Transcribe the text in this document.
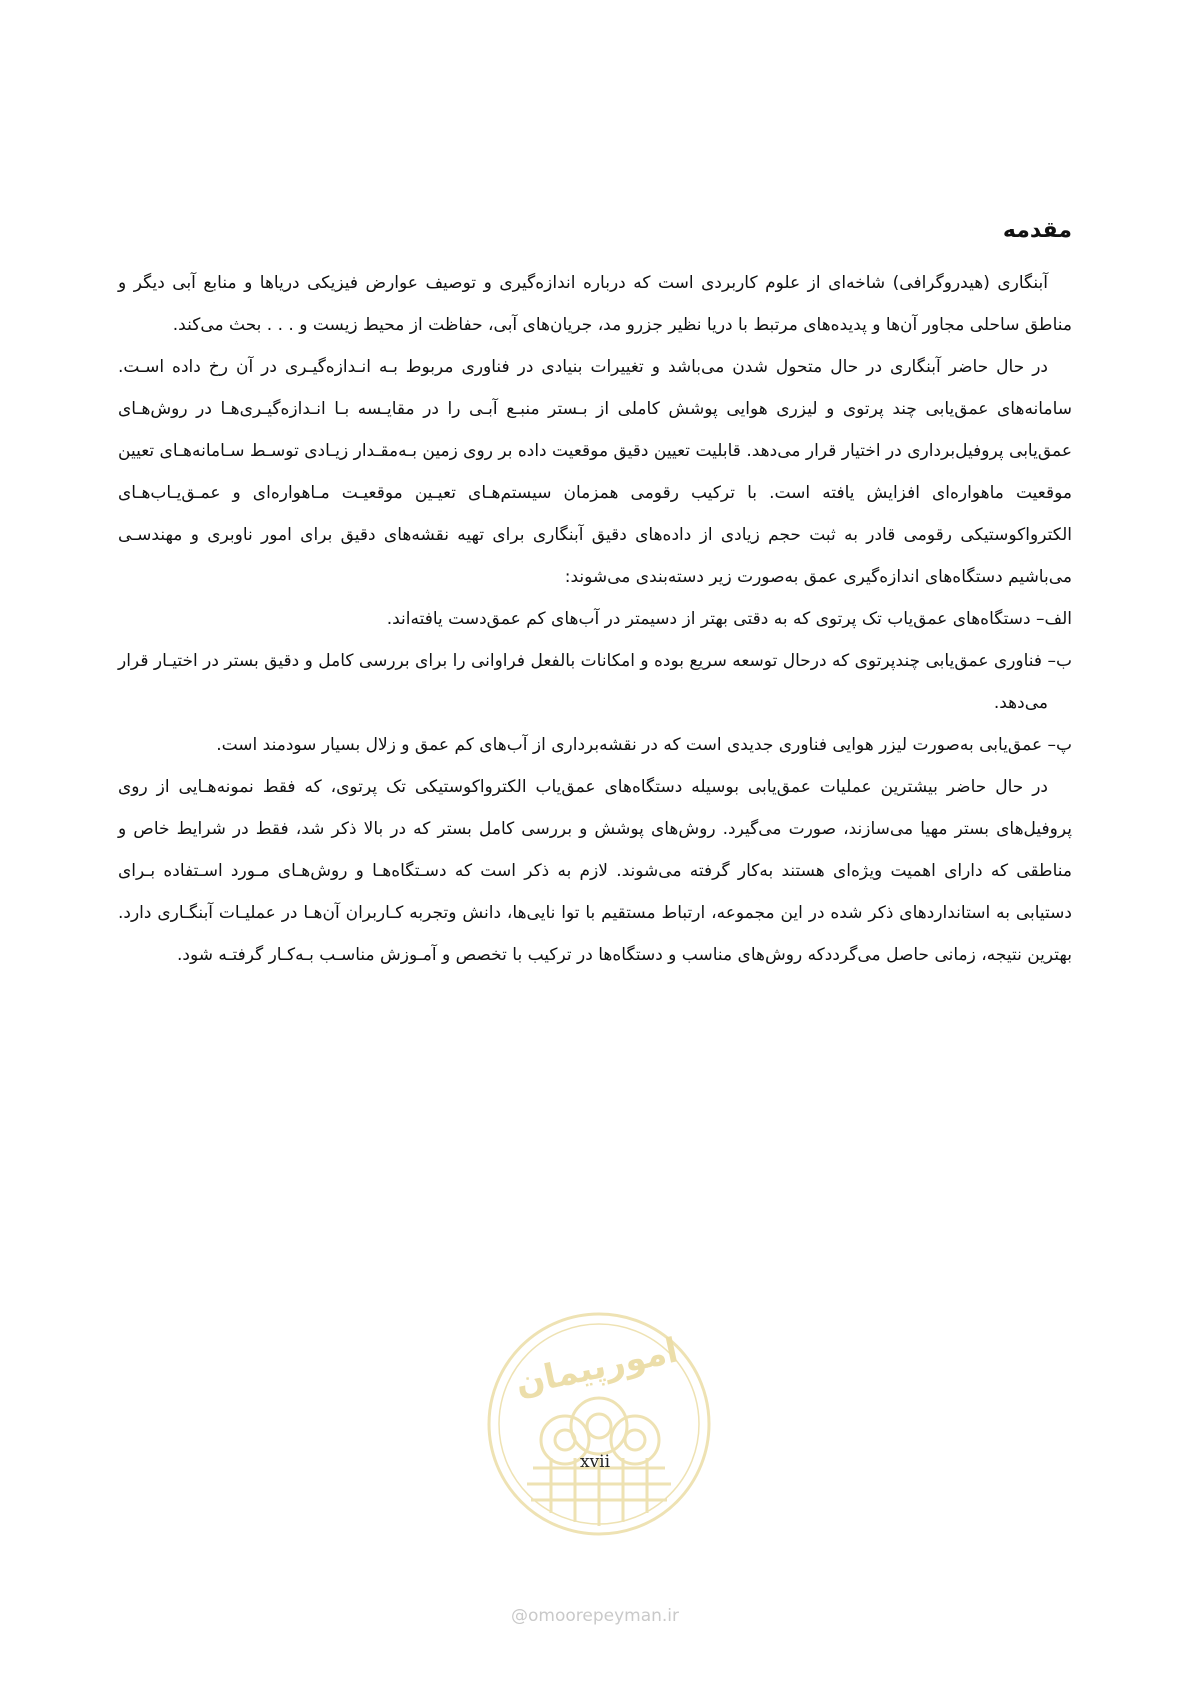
مقدمه

آبنگاری (هیدروگرافی) شاخه‌ای از علوم کاربردی است که درباره اندازه‌گیری و توصیف عوارض فیزیکی دریاها و منابع آبی دیگر و مناطق ساحلی مجاور آن‌ها و پدیده‌های مرتبط با دریا نظیر جزرو مد، جریان‌های آبی، حفاظت از محیط زیست و . . . بحث می‌کند.

در حال حاضر آبنگاری در حال متحول شدن می‌باشد و تغییرات بنیادی در فناوری مربوط بـه انـدازه‌گیـری در آن رخ داده اسـت. سامانه‌های عمق‌یابی چند پرتوی و لیزری هوایی پوشش کاملی از بـستر منبـع آبـی را در مقایـسه بـا انـدازه‌گیـری‌هـا در روش‌هـای عمق‌یابی پروفیل‌برداری در اختیار قرار می‌دهد. قابلیت تعیین دقیق موقعیت داده بر روی زمین بـه‌مقـدار زیـادی توسـط سـامانه‌هـای تعیین موقعیت ماهواره‌ای افزایش یافته است. با ترکیب رقومی همزمان سیستم‌هـای تعیـین موقعیـت مـاهواره‌ای و عمـق‌یـاب‌هـای الکترواکوستیکی رقومی قادر به ثبت حجم زیادی از داده‌های دقیق آبنگاری برای تهیه نقشه‌های دقیق برای امور ناوبری و مهندسـی می‌باشیم دستگاه‌های اندازه‌گیری عمق به‌صورت زیر دسته‌بندی می‌شوند:

الف– دستگاه‌های عمق‌یاب تک پرتوی که به دقتی بهتر از دسیمتر در آب‌های کم عمق‌دست یافته‌اند.

ب– فناوری عمق‌یابی چندپرتوی که درحال توسعه سریع بوده و امکانات بالفعل فراوانی را برای بررسی کامل و دقیق بستر در اختیـار قرار می‌دهد.

پ– عمق‌یابی به‌صورت لیزر هوایی فناوری جدیدی است که در نقشه‌برداری از آب‌های کم عمق و زلال بسیار سودمند است.

در حال حاضر بیشترین عملیات عمق‌یابی بوسیله دستگاه‌های عمق‌یاب الکترواکوستیکی تک پرتوی، که فقط نمونه‌هـایی از روی پروفیل‌های بستر مهیا می‌سازند، صورت می‌گیرد. روش‌های پوشش و بررسی کامل بستر که در بالا ذکر شد، فقط در شرایط خاص و مناطقی که دارای اهمیت ویژه‌ای هستند به‌کار گرفته می‌شوند. لازم به ذکر است که دسـتگاه‌هـا و روش‌هـای مـورد اسـتفاده بـرای دستیابی به استانداردهای ذکر شده در این مجموعه، ارتباط مستقیم با توا نایی‌ها، دانش وتجربه کـاربران آن‌هـا در عملیـات آبنگـاری دارد. بهترین نتیجه، زمانی حاصل می‌گرددکه روش‌های مناسب و دستگاه‌ها در ترکیب با تخصص و آمـوزش مناسـب بـه‌کـار گرفتـه شود.

امورپیمان
xvii
@omoorepeyman.ir
